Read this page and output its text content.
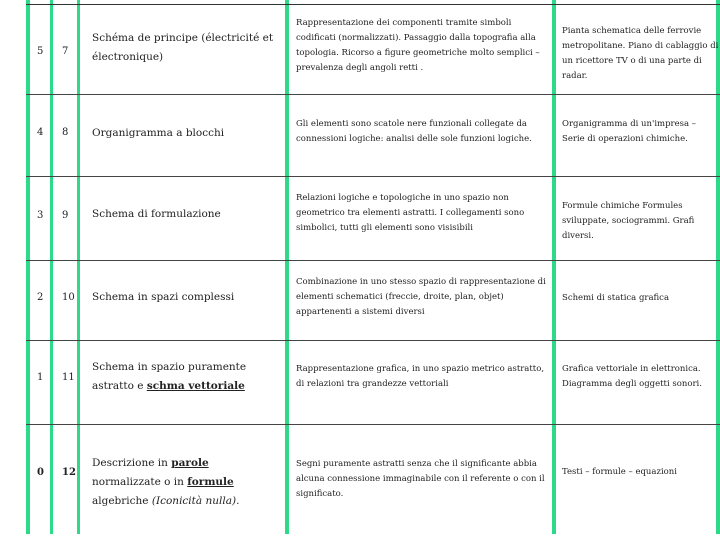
5 7
Schéma de principe (électricité et électronique)
Rappresentazione dei componenti tramite simboli codificati (normalizzati). Passaggio dalla topografia alla topologia. Ricorso a figure geometriche molto semplici – prevalenza degli angoli retti .
Pianta schematica delle ferrovie metropolitane. Piano di cablaggio di un ricettore TV o di una parte di radar.
4 8 Organigramma a blocchi
Gli elementi sono scatole nere funzionali collegate da connessioni logiche: analisi delle sole funzioni logiche.
Organigramma di un'impresa – Serie di operazioni chimiche.
3 9 Schema di formulazione
Relazioni logiche e topologiche in uno spazio non geometrico tra elementi astratti. I collegamenti sono simbolici, tutti gli elementi sono visisibili
Formule chimiche Formules sviluppate, sociogrammi. Grafi diversi.
2 10 Schema in spazi complessi
Combinazione in uno stesso spazio di rappresentazione di elementi schematici (freccie, droite, plan, objet) appartenenti a sistemi diversi
Schemi di statica grafica
1 11
Schema in spazio puramente astratto e schma vettoriale
Rappresentazione grafica, in uno spazio metrico astratto, di relazioni tra grandezze vettoriali
Grafica vettoriale in elettronica. Diagramma degli oggetti sonori.
0 12
Descrizione in parole normalizzate o in formule algebriche (Iconicità nulla).
Segni puramente astratti senza che il significante abbia alcuna connessione immaginabile con il referente o con il significato.
Testi – formule – equazioni
